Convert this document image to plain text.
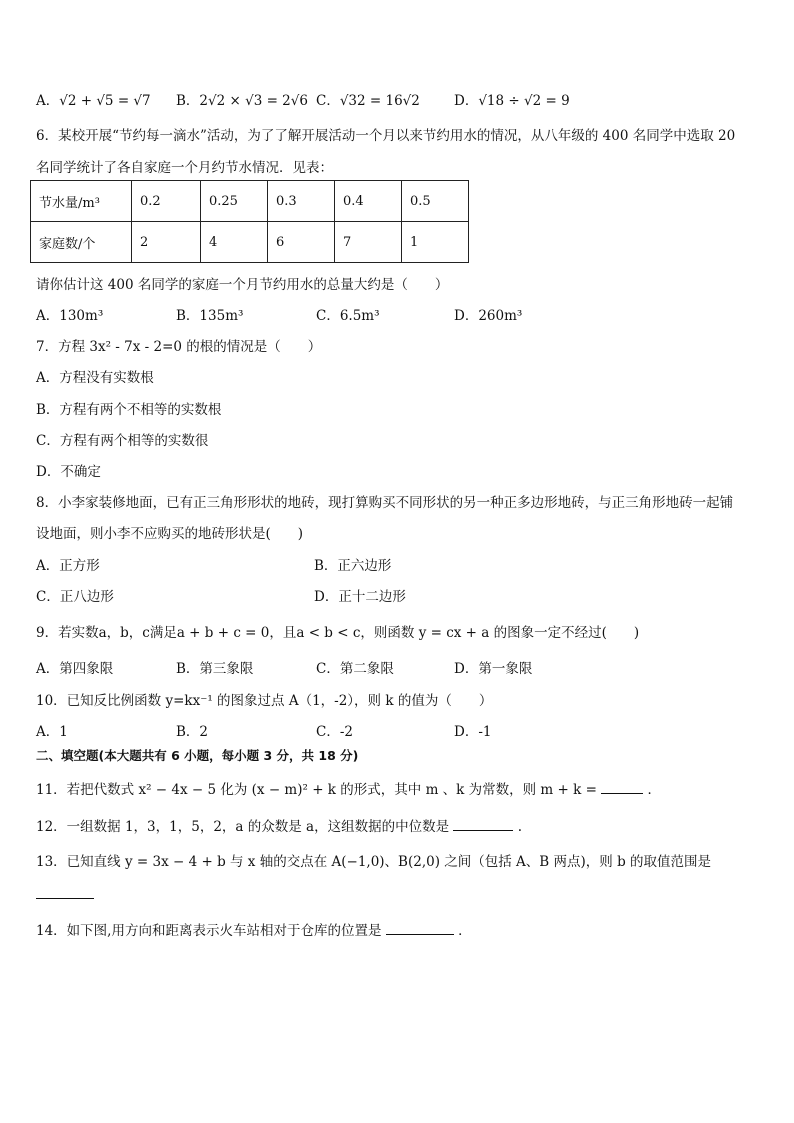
A．√2 + √5 = √7 B．2√2 × √3 = 2√6 C．√32 = 16√2	D．√18 ÷ √2 = 9
6．某校开展“节约每一滴水”活动，为了了解开展活动一个月以来节约用水的情况，从八年级的 400 名同学中选取 20
名同学统计了各自家庭一个月约节水情况．见表：
节水量/m³	0.2	0.25	0.3	0.4	0.5
家庭数/个	2	4	6	7	1
请你估计这 400 名同学的家庭一个月节约用水的总量大约是（　　）
A．130m³	B．135m³	C．6.5m³	D．260m³
7．方程 3x² - 7x - 2=0 的根的情况是（　　）
A．方程没有实数根
B．方程有两个不相等的实数根
C．方程有两个相等的实数很
D．不确定
8．小李家装修地面，已有正三角形形状的地砖，现打算购买不同形状的另一种正多边形地砖，与正三角形地砖一起铺
设地面，则小李不应购买的地砖形状是(　　)
A．正方形	B．正六边形
C．正八边形	D．正十二边形
9．若实数a，b，c满足a + b + c = 0，且a < b < c，则函数 y = cx + a 的图象一定不经过(　　)
A．第四象限	B．第三象限	C．第二象限	D．第一象限
10．已知反比例函数 y=kx⁻¹ 的图象过点 A（1，-2），则 k 的值为（　　）
A．1	B．2	C．-2	D．-1
二、填空题(本大题共有 6 小题，每小题 3 分，共 18 分)
11．若把代数式 x² − 4x − 5 化为 (x − m)² + k 的形式，其中 m 、k 为常数，则 m + k =	．
12．一组数据 1，3，1，5，2，a 的众数是 a，这组数据的中位数是	.
13．已知直线 y = 3x − 4 + b 与 x 轴的交点在 A(−1,0)、B(2,0) 之间（包括 A、B 两点)，则 b 的取值范围是
14．如下图,用方向和距离表示火车站相对于仓库的位置是	．
